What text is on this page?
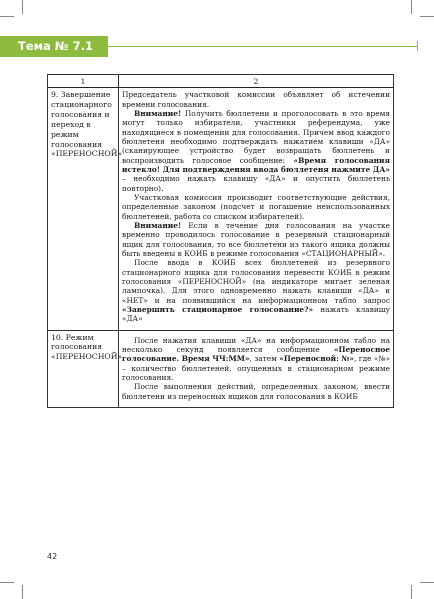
Тема № 7.1
1	2
9. Завершение стационарного голосования и переход в режим голосования «ПЕРЕНОСНОЙ»	Председатель участковой комиссии объявляет об истечении времени голосования.

Внимание! Получить бюллетени и проголосовать в это время могут только избиратели, участники референдума, уже находящиеся в помещении для голосования. Причем ввод каждого бюллетеня необходимо подтверждать нажатием клавиши «ДА» (сканирующее устройство будет возвращать бюллетень и воспроизводить голосовое сообщение: «Время голосования истекло! Для подтверждения ввода бюллетеня нажмите ДА» – необходимо нажать клавишу «ДА» и опустить бюллетень повторно).

Участковая комиссия производит соответствующие действия, определенные законом (подсчет и погашение неиспользованных бюллетеней, работа со списком избирателей).

Внимание! Если в течение дня голосования на участке временно проводилось голосование в резервный стационарный ящик для голосования, то все бюллетени из такого ящика должны быть введены в КОИБ в режиме голосования «СТАЦИОНАРНЫЙ».

После ввода в КОИБ всех бюллетеней из резервного стационарного ящика для голосования перевести КОИБ в режим голосования «ПЕРЕНОСНОЙ» (на индикаторе мигает зеленая лампочка). Для этого одновременно нажать клавиши «ДА» и «НЕТ» и на появившийся на информационном табло запрос «Завершить стационарное голосование?» нажать клавишу «ДА»

10. Режим голосования «ПЕРЕНОСНОЙ»	После нажатия клавиши «ДА» на информационном табло на несколько секунд появляется сообщение «Переносное голосование. Время ЧЧ:ММ», затем «Переносной: №», где «№» – количество бюллетеней, опущенных в стационарном режиме голосования.

После выполнения действий, определенных законом, ввести бюллетени из переносных ящиков для голосования в КОИБ

42
